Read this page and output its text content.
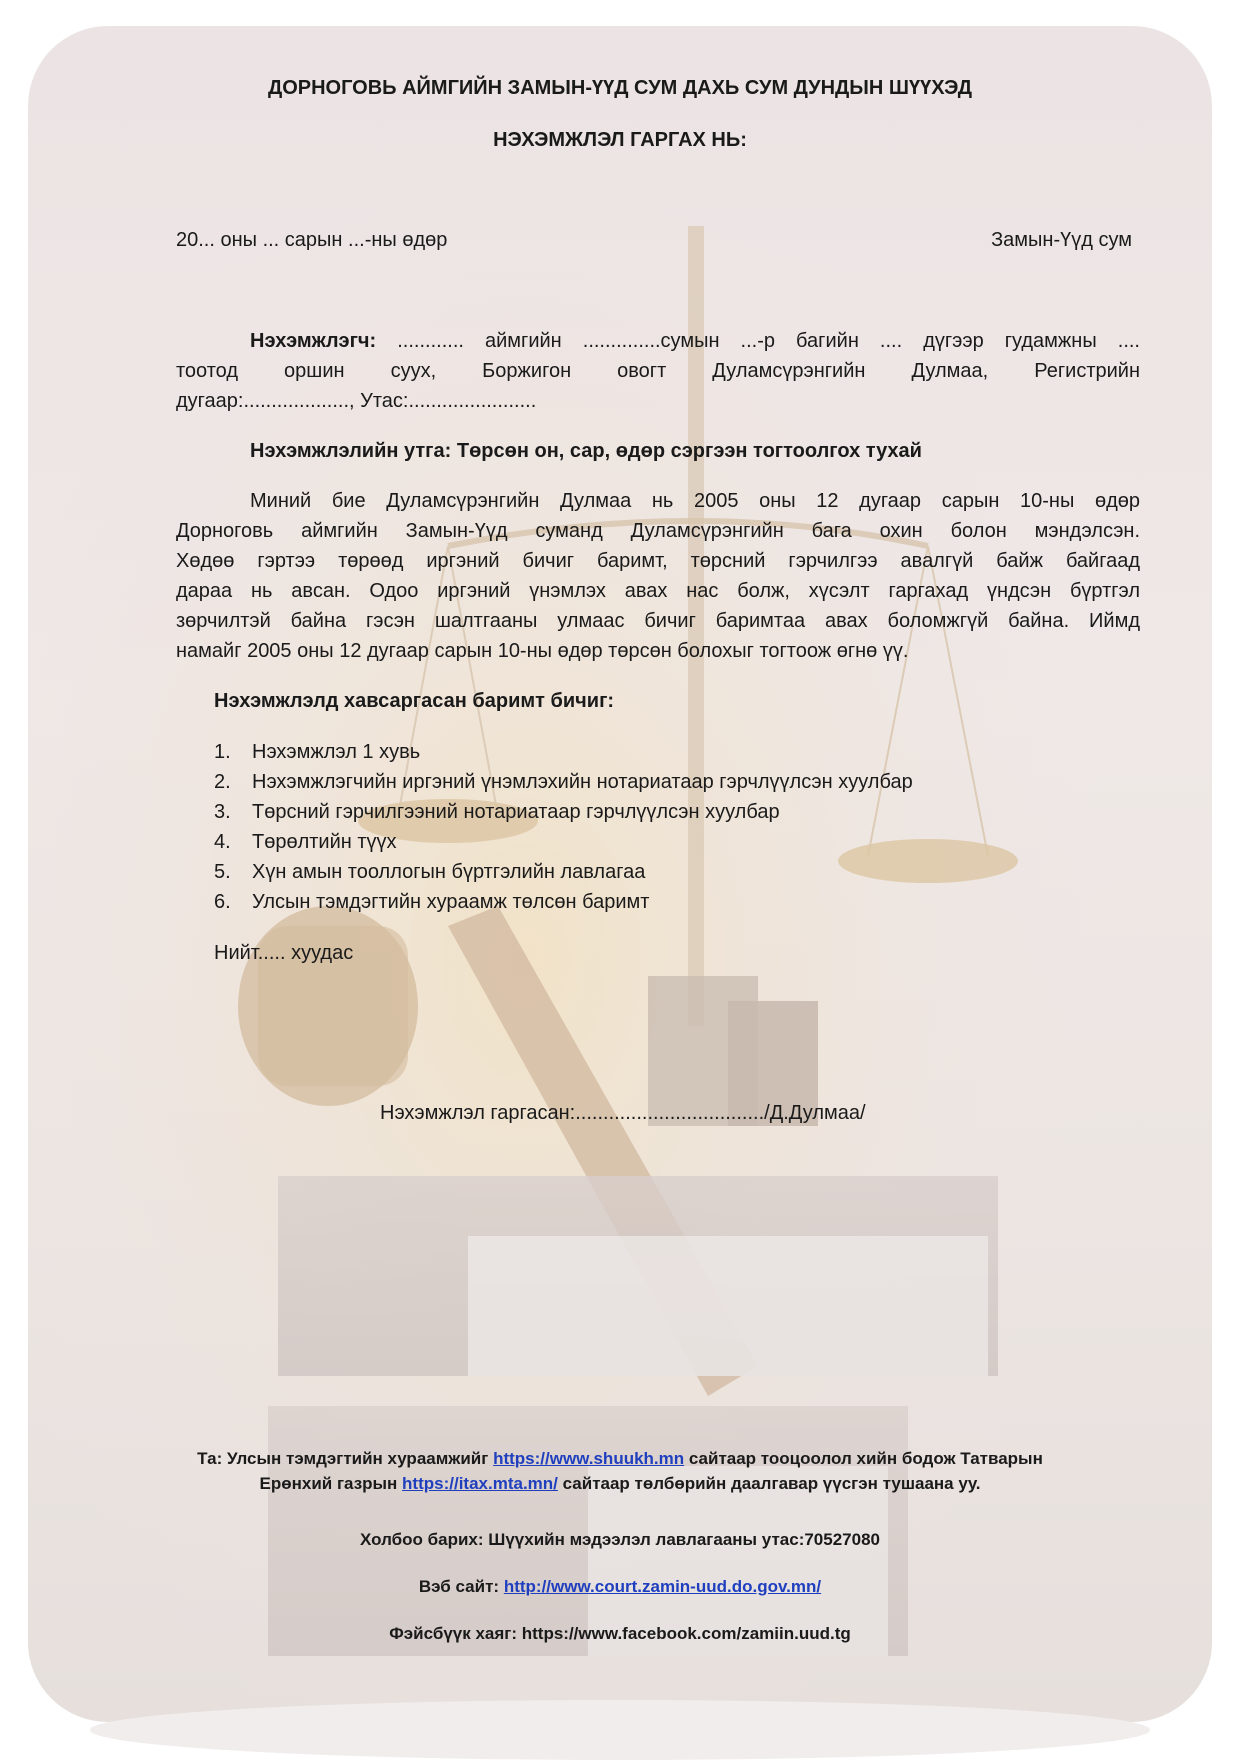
ДОРНОГОВЬ АЙМГИЙН ЗАМЫН-ҮҮД СУМ ДАХЬ СУМ ДУНДЫН ШҮҮХЭД
НЭХЭМЖЛЭЛ ГАРГАХ НЬ:
20... оны ... сарын ...-ны өдөр	Замын-Үүд сум
Нэхэмжлэгч: ............ аймгийн ..............сумын ...-р багийн .... дүгээр гудамжны ....
тоотод оршин суух, Боржигон овогт Дуламсүрэнгийн Дулмаа, Регистрийн
дугаар:..................., Утас:.......................
Нэхэмжлэлийн утга: Төрсөн он, сар, өдөр сэргээн тогтоолгох тухай
Миний бие Дуламсүрэнгийн Дулмаа нь 2005 оны 12 дугаар сарын 10-ны өдөр
Дорноговь аймгийн Замын-Үүд суманд Дуламсүрэнгийн бага охин болон мэндэлсэн.
Хөдөө гэртээ төрөөд иргэний бичиг баримт, төрсний гэрчилгээ авалгүй байж байгаад
дараа нь авсан. Одоо иргэний үнэмлэх авах нас болж, хүсэлт гаргахад үндсэн бүртгэл
зөрчилтэй байна гэсэн шалтгааны улмаас бичиг баримтаа авах боломжгүй байна. Иймд
намайг 2005 оны 12 дугаар сарын 10-ны өдөр төрсөн болохыг тогтоож өгнө үү.
Нэхэмжлэлд хавсаргасан баримт бичиг:
1. Нэхэмжлэл 1 хувь
2. Нэхэмжлэгчийн иргэний үнэмлэхийн нотариатаар гэрчлүүлсэн хуулбар
3. Төрсний гэрчилгээний нотариатаар гэрчлүүлсэн хуулбар
4. Төрөлтийн түүх
5. Хүн амын тооллогын бүртгэлийн лавлагаа
6. Улсын тэмдэгтийн хураамж төлсөн баримт
Нийт..... хуудас
Нэхэмжлэл гаргасан:................................../Д.Дулмаа/
Та: Улсын тэмдэгтийн хураамжийг https://www.shuukh.mn сайтаар тооцоолол хийн бодож Татварын
Ерөнхий газрын https://itax.mta.mn/ сайтаар төлбөрийн даалгавар үүсгэн тушаана уу.
Холбоо барих: Шүүхийн мэдээлэл лавлагааны утас:70527080
Вэб сайт: http://www.court.zamin-uud.do.gov.mn/
Фэйсбүүк хаяг: https://www.facebook.com/zamiin.uud.tg
